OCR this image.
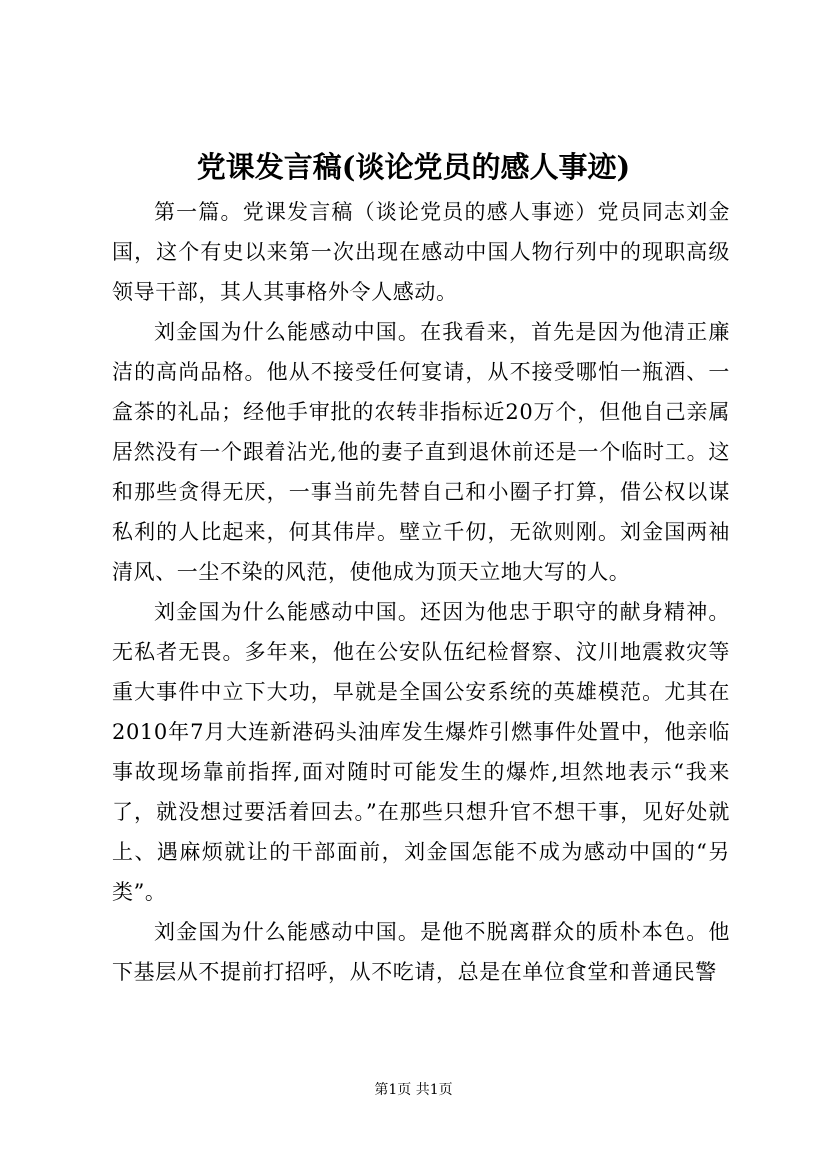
党课发言稿(谈论党员的感人事迹)

第一篇。党课发言稿（谈论党员的感人事迹）党员同志刘金国，这个有史以来第一次出现在感动中国人物行列中的现职高级领导干部，其人其事格外令人感动。

刘金国为什么能感动中国。在我看来，首先是因为他清正廉洁的高尚品格。他从不接受任何宴请，从不接受哪怕一瓶酒、一盒茶的礼品；经他手审批的农转非指标近20万个，但他自己亲属居然没有一个跟着沾光,他的妻子直到退休前还是一个临时工。这和那些贪得无厌，一事当前先替自己和小圈子打算，借公权以谋私利的人比起来，何其伟岸。壁立千仞，无欲则刚。刘金国两袖清风、一尘不染的风范，使他成为顶天立地大写的人。

刘金国为什么能感动中国。还因为他忠于职守的献身精神。无私者无畏。多年来，他在公安队伍纪检督察、汶川地震救灾等重大事件中立下大功，早就是全国公安系统的英雄模范。尤其在2010年7月大连新港码头油库发生爆炸引燃事件处置中，他亲临事故现场靠前指挥,面对随时可能发生的爆炸,坦然地表示“我来了，就没想过要活着回去。”在那些只想升官不想干事，见好处就上、遇麻烦就让的干部面前，刘金国怎能不成为感动中国的“另类”。

刘金国为什么能感动中国。是他不脱离群众的质朴本色。他下基层从不提前打招呼，从不吃请，总是在单位食堂和普通民警

第1页 共1页
